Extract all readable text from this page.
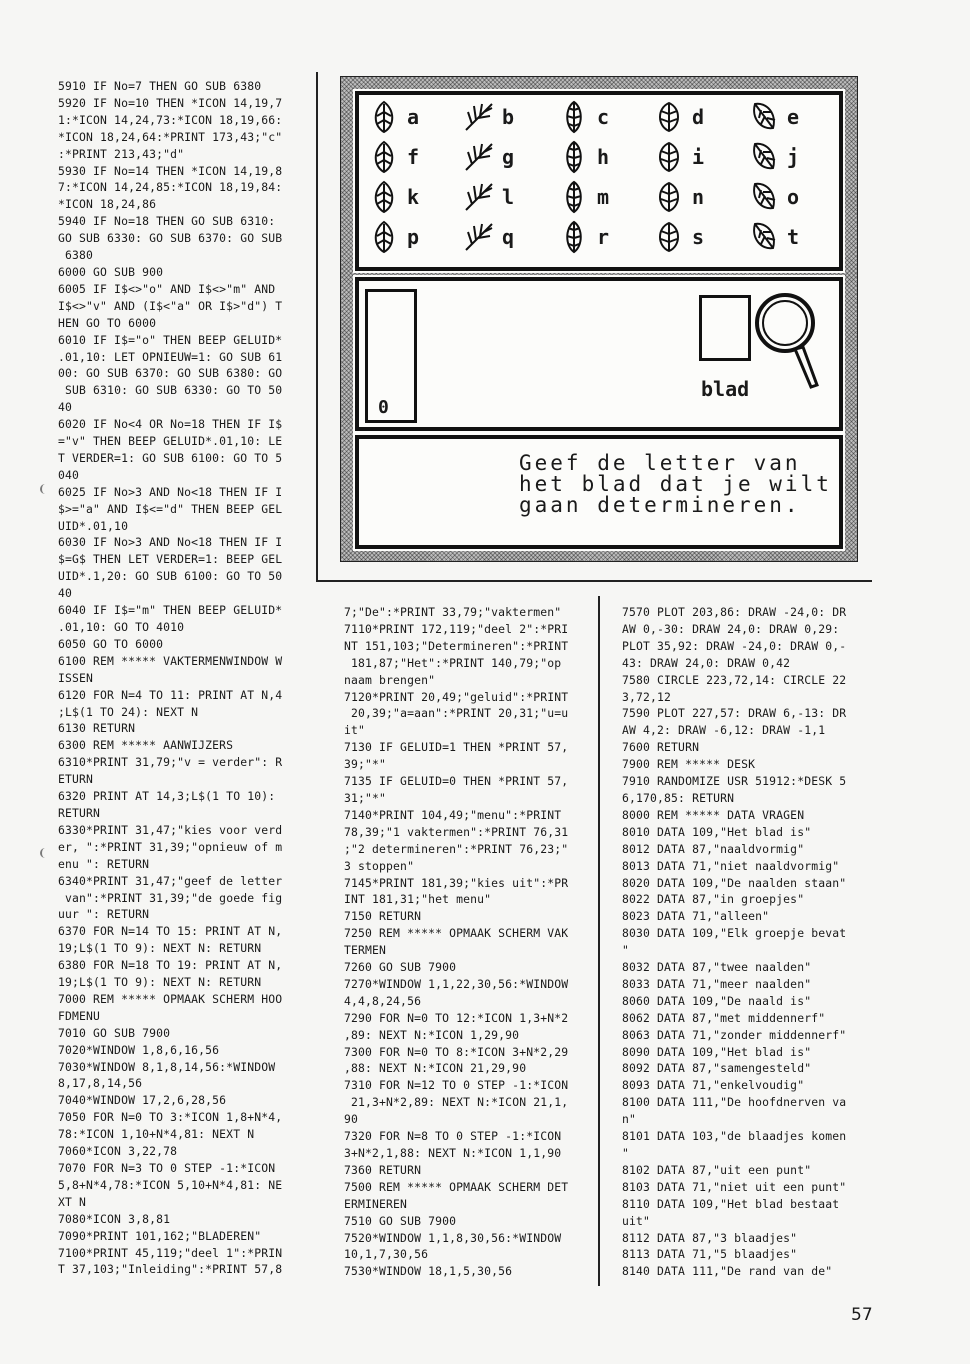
5910 IF No=7 THEN GO SUB 6380
5920 IF No=10 THEN *ICON 14,19,7
1:*ICON 14,24,73:*ICON 18,19,66:
*ICON 18,24,64:*PRINT 173,43;"c"
:*PRINT 213,43;"d"
5930 IF No=14 THEN *ICON 14,19,8
7:*ICON 14,24,85:*ICON 18,19,84:
*ICON 18,24,86
5940 IF No=18 THEN GO SUB 6310:
GO SUB 6330: GO SUB 6370: GO SUB
6380
6000 GO SUB 900
6005 IF I$<>"o" AND I$<>"m" AND
I$<>"v" AND (I$<"a" OR I$>"d") T
HEN GO TO 6000
6010 IF I$="o" THEN BEEP GELUID*
.01,10: LET OPNIEUW=1: GO SUB 61
00: GO SUB 6370: GO SUB 6380: GO
SUB 6310: GO SUB 6330: GO TO 50
40
6020 IF No<4 OR No=18 THEN IF I$
="v" THEN BEEP GELUID*.01,10: LE
T VERDER=1: GO SUB 6100: GO TO 5
040
6025 IF No>3 AND No<18 THEN IF I
$>="a" AND I$<="d" THEN BEEP GEL
UID*.01,10
6030 IF No>3 AND No<18 THEN IF I
$=G$ THEN LET VERDER=1: BEEP GEL
UID*.1,20: GO SUB 6100: GO TO 50
40
6040 IF I$="m" THEN BEEP GELUID*
.01,10: GO TO 4010
6050 GO TO 6000
6100 REM ***** VAKTERMENWINDOW W
ISSEN
6120 FOR N=4 TO 11: PRINT AT N,4
;L$(1 TO 24): NEXT N
6130 RETURN
6300 REM ***** AANWIJZERS
6310*PRINT 31,79;"v = verder": R
ETURN
6320 PRINT AT 14,3;L$(1 TO 10):
RETURN
6330*PRINT 31,47;"kies voor verd
er, ":*PRINT 31,39;"opnieuw of m
enu ": RETURN
6340*PRINT 31,47;"geef de letter
van":*PRINT 31,39;"de goede fig
uur ": RETURN
6370 FOR N=14 TO 15: PRINT AT N,
19;L$(1 TO 9): NEXT N: RETURN
6380 FOR N=18 TO 19: PRINT AT N,
19;L$(1 TO 9): NEXT N: RETURN
7000 REM ***** OPMAAK SCHERM HOO
FDMENU
7010 GO SUB 7900
7020*WINDOW 1,8,6,16,56
7030*WINDOW 8,1,8,14,56:*WINDOW
8,17,8,14,56
7040*WINDOW 17,2,6,28,56
7050 FOR N=0 TO 3:*ICON 1,8+N*4,
78:*ICON 1,10+N*4,81: NEXT N
7060*ICON 3,22,78
7070 FOR N=3 TO 0 STEP -1:*ICON
5,8+N*4,78:*ICON 5,10+N*4,81: NE
XT N
7080*ICON 3,8,81
7090*PRINT 101,162;"BLADEREN"
7100*PRINT 45,119;"deel 1":*PRIN
T 37,103;"Inleiding":*PRINT 57,8
a	b	c	d	e
f	g	h	i	j
k	l	m	n	o
p	q	r	s	t
0
blad
Geef de letter van
het blad dat je wilt
gaan determineren.
7;"De":*PRINT 33,79;"vaktermen"
7110*PRINT 172,119;"deel 2":*PRI
NT 151,103;"Determineren":*PRINT
181,87;"Het":*PRINT 140,79;"op
naam brengen"
7120*PRINT 20,49;"geluid":*PRINT
20,39;"a=aan":*PRINT 20,31;"u=u
it"
7130 IF GELUID=1 THEN *PRINT 57,
39;"*"
7135 IF GELUID=0 THEN *PRINT 57,
31;"*"
7140*PRINT 104,49;"menu":*PRINT
78,39;"1 vaktermen":*PRINT 76,31
;"2 determineren":*PRINT 76,23;"
3 stoppen"
7145*PRINT 181,39;"kies uit":*PR
INT 181,31;"het menu"
7150 RETURN
7250 REM ***** OPMAAK SCHERM VAK
TERMEN
7260 GO SUB 7900
7270*WINDOW 1,1,22,30,56:*WINDOW
4,4,8,24,56
7290 FOR N=0 TO 12:*ICON 1,3+N*2
,89: NEXT N:*ICON 1,29,90
7300 FOR N=0 TO 8:*ICON 3+N*2,29
,88: NEXT N:*ICON 21,29,90
7310 FOR N=12 TO 0 STEP -1:*ICON
21,3+N*2,89: NEXT N:*ICON 21,1,
90
7320 FOR N=8 TO 0 STEP -1:*ICON
3+N*2,1,88: NEXT N:*ICON 1,1,90
7360 RETURN
7500 REM ***** OPMAAK SCHERM DET
ERMINEREN
7510 GO SUB 7900
7520*WINDOW 1,1,8,30,56:*WINDOW
10,1,7,30,56
7530*WINDOW 18,1,5,30,56
7570 PLOT 203,86: DRAW -24,0: DR
AW 0,-30: DRAW 24,0: DRAW 0,29:
PLOT 35,92: DRAW -24,0: DRAW 0,-
43: DRAW 24,0: DRAW 0,42
7580 CIRCLE 223,72,14: CIRCLE 22
3,72,12
7590 PLOT 227,57: DRAW 6,-13: DR
AW 4,2: DRAW -6,12: DRAW -1,1
7600 RETURN
7900 REM ***** DESK
7910 RANDOMIZE USR 51912:*DESK 5
6,170,85: RETURN
8000 REM ***** DATA VRAGEN
8010 DATA 109,"Het blad is"
8012 DATA 87,"naaldvormig"
8013 DATA 71,"niet naaldvormig"
8020 DATA 109,"De naalden staan"
8022 DATA 87,"in groepjes"
8023 DATA 71,"alleen"
8030 DATA 109,"Elk groepje bevat
"
8032 DATA 87,"twee naalden"
8033 DATA 71,"meer naalden"
8060 DATA 109,"De naald is"
8062 DATA 87,"met middennerf"
8063 DATA 71,"zonder middennerf"
8090 DATA 109,"Het blad is"
8092 DATA 87,"samengesteld"
8093 DATA 71,"enkelvoudig"
8100 DATA 111,"De hoofdnerven va
n"
8101 DATA 103,"de blaadjes komen
"
8102 DATA 87,"uit een punt"
8103 DATA 71,"niet uit een punt"
8110 DATA 109,"Het blad bestaat
uit"
8112 DATA 87,"3 blaadjes"
8113 DATA 71,"5 blaadjes"
8140 DATA 111,"De rand van de"
57
